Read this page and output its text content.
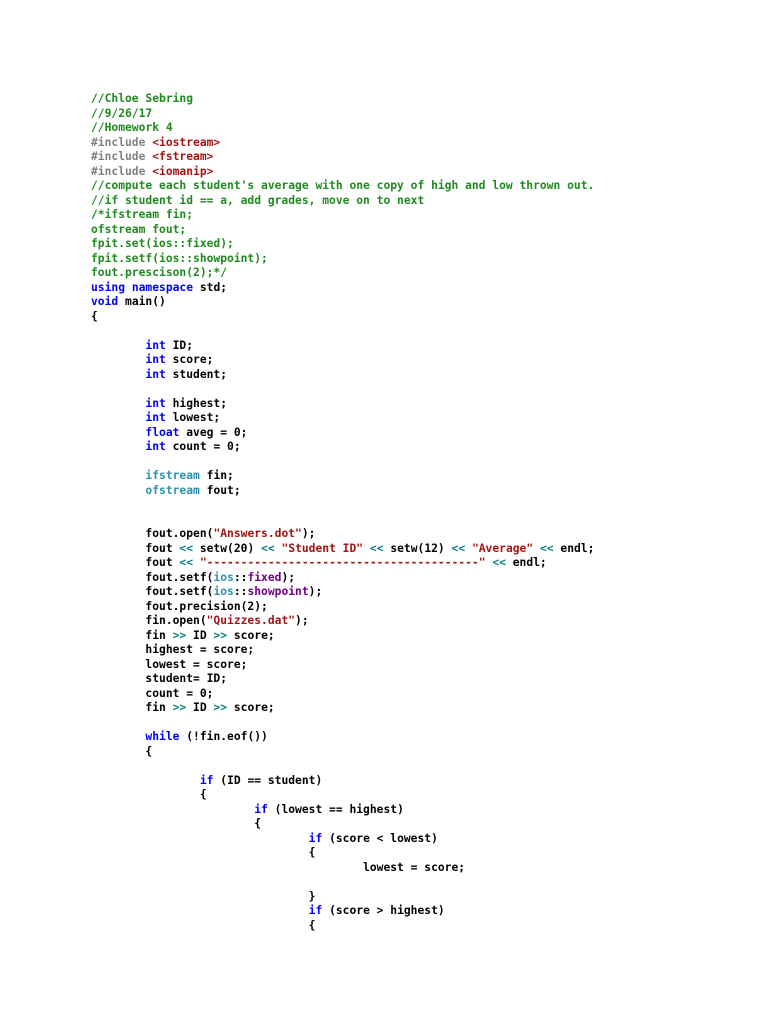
//Chloe Sebring
//9/26/17
//Homework 4
#include <iostream>
#include <fstream>
#include <iomanip>
//compute each student's average with one copy of high and low thrown out.
//if student id == a, add grades, move on to next
/*ifstream fin;
ofstream fout;
fpit.set(ios::fixed);
fpit.setf(ios::showpoint);
fout.prescison(2);*/
using namespace std;
void main()
{

int ID;
int score;
int student;

int highest;
int lowest;
float aveg = 0;
int count = 0;

ifstream fin;
ofstream fout;

fout.open("Answers.dot");
fout << setw(20) << "Student ID" << setw(12) << "Average" << endl;
fout << "----------------------------------------" << endl;
fout.setf(ios::fixed);
fout.setf(ios::showpoint);
fout.precision(2);
fin.open("Quizzes.dat");
fin >> ID >> score;
highest = score;
lowest = score;
student= ID;
count = 0;
fin >> ID >> score;

while (!fin.eof())
{

if (ID == student)
{
if (lowest == highest)
{
if (score < lowest)
{
lowest = score;

}
if (score > highest)
{
